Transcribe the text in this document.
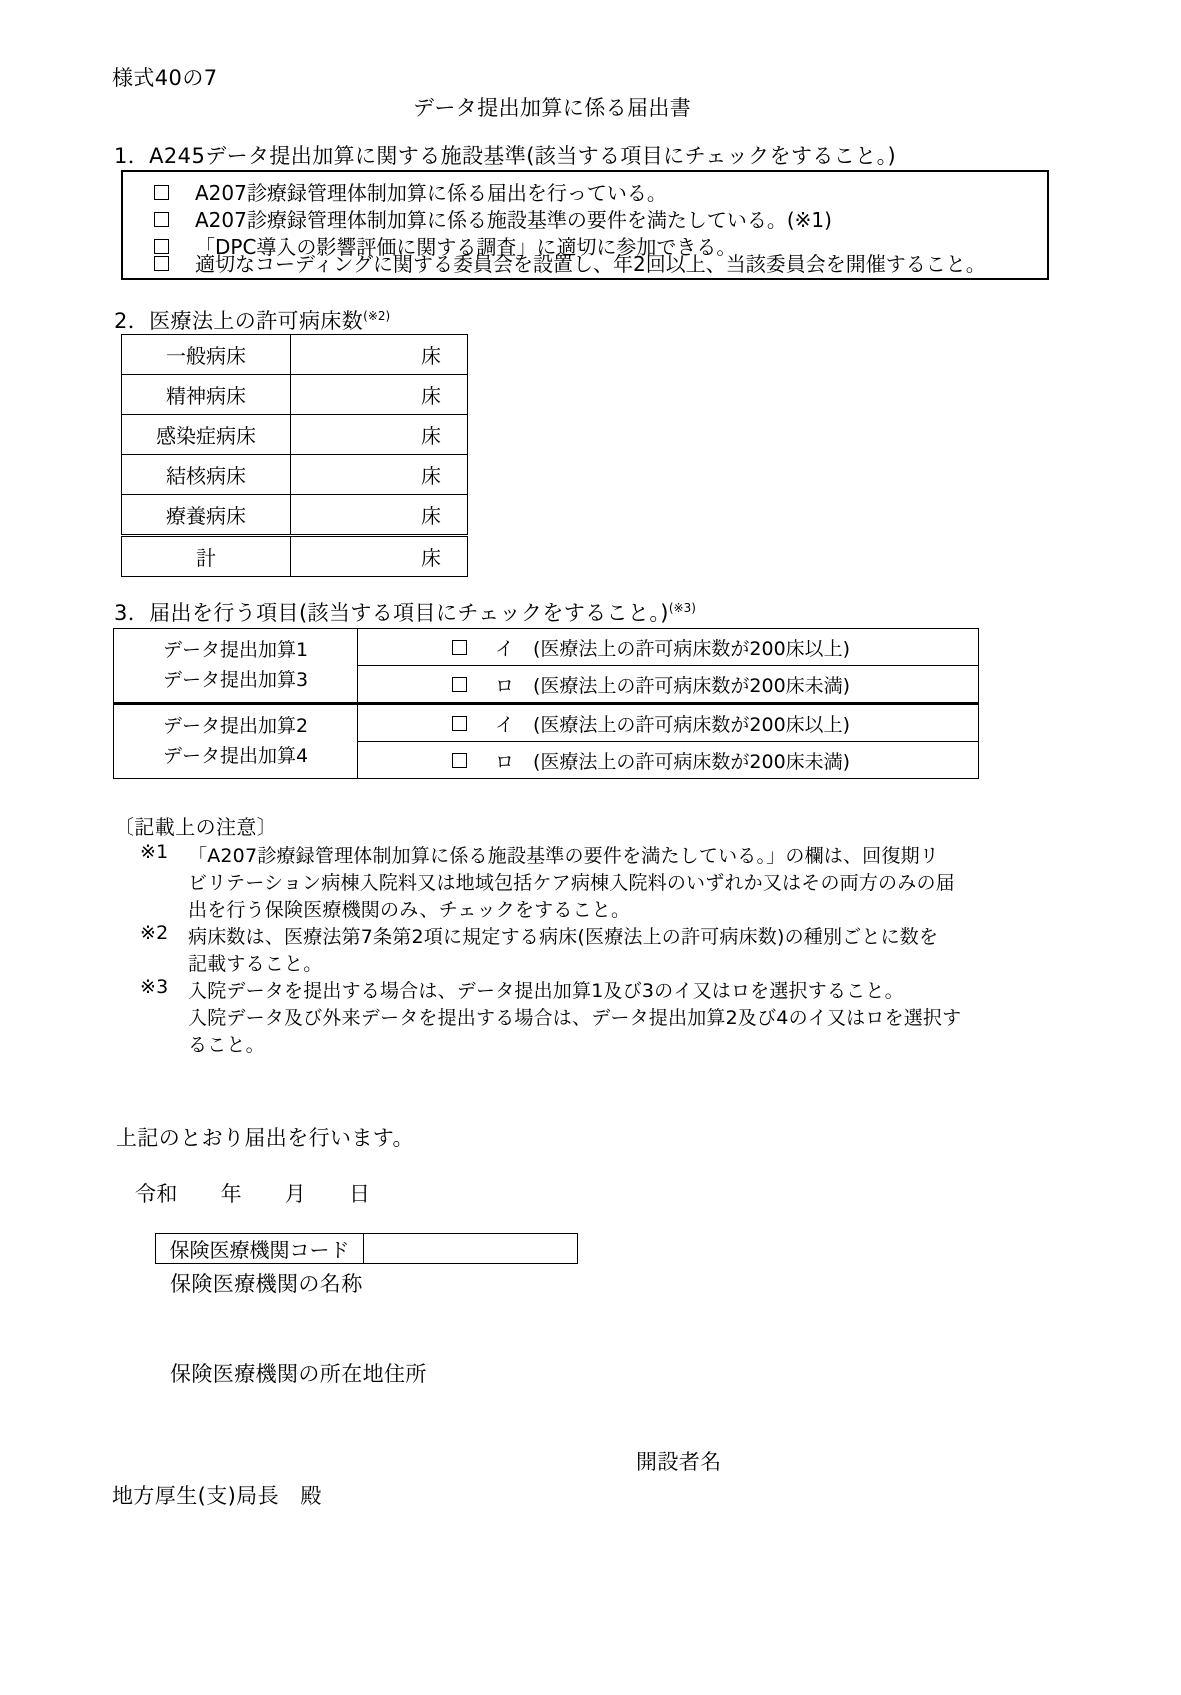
様式40の7
データ提出加算に係る届出書
1．A245データ提出加算に関する施設基準(該当する項目にチェックをすること。)
A207診療録管理体制加算に係る届出を行っている。
A207診療録管理体制加算に係る施設基準の要件を満たしている。(※1)
「DPC導入の影響評価に関する調査」に適切に参加できる。
適切なコーディングに関する委員会を設置し、年2回以上、当該委員会を開催すること。
2．医療法上の許可病床数$^{(※2)}$
一般病床	床
精神病床	床
感染症病床	床
結核病床	床
療養病床	床
計	床
3．届出を行う項目(該当する項目にチェックをすること。)$^{(※3)}$
データ提出加算1
データ提出加算3	イ　(医療法上の許可病床数が200床以上)

	ロ　(医療法上の許可病床数が200床未満)

データ提出加算2
データ提出加算4	イ　(医療法上の許可病床数が200床以上)

	ロ　(医療法上の許可病床数が200床未満)
〔記載上の注意〕
※1 「A207診療録管理体制加算に係る施設基準の要件を満たしている。」の欄は、回復期リ
ビリテーション病棟入院料又は地域包括ケア病棟入院料のいずれか又はその両方のみの届
出を行う保険医療機関のみ、チェックをすること。
※2 病床数は、医療法第7条第2項に規定する病床(医療法上の許可病床数)の種別ごとに数を
記載すること。
※3 入院データを提出する場合は、データ提出加算1及び3のイ又はロを選択すること。
入院データ及び外来データを提出する場合は、データ提出加算2及び4のイ又はロを選択す
ること。
上記のとおり届出を行います。
令和　　年　　月　　日
保険医療機関コード	
保険医療機関の名称
保険医療機関の所在地住所
開設者名
地方厚生(支)局長　殿
